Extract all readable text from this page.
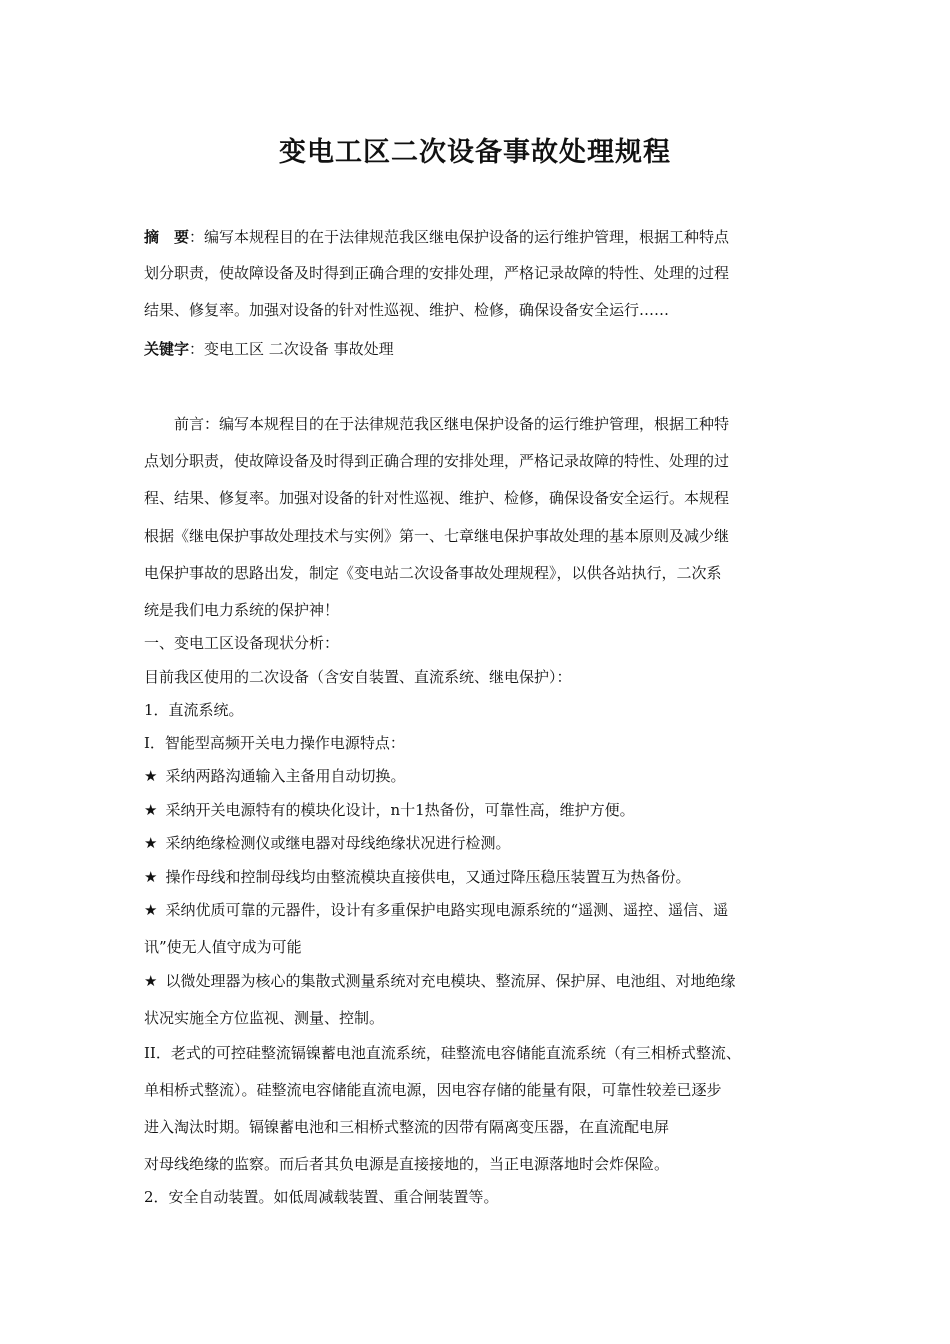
变电工区二次设备事故处理规程
摘　要：编写本规程目的在于法律规范我区继电保护设备的运行维护管理，根据工种特点
划分职责，使故障设备及时得到正确合理的安排处理，严格记录故障的特性、处理的过程
结果、修复率。加强对设备的针对性巡视、维护、检修，确保设备安全运行……
关键字：变电工区 二次设备 事故处理
前言：编写本规程目的在于法律规范我区继电保护设备的运行维护管理，根据工种特
点划分职责，使故障设备及时得到正确合理的安排处理，严格记录故障的特性、处理的过
程、结果、修复率。加强对设备的针对性巡视、维护、检修，确保设备安全运行。本规程
根据《继电保护事故处理技术与实例》第一、七章继电保护事故处理的基本原则及减少继
电保护事故的思路出发，制定《变电站二次设备事故处理规程》，以供各站执行，二次系
统是我们电力系统的保护神！
一、变电工区设备现状分析：
目前我区使用的二次设备（含安自装置、直流系统、继电保护）：
1．直流系统。
I．智能型高频开关电力操作电源特点：
★ 采纳两路沟通输入主备用自动切换。
★ 采纳开关电源特有的模块化设计，n十1热备份，可靠性高，维护方便。
★ 采纳绝缘检测仪或继电器对母线绝缘状况进行检测。
★ 操作母线和控制母线均由整流模块直接供电，又通过降压稳压装置互为热备份。
★ 采纳优质可靠的元器件，设计有多重保护电路实现电源系统的“遥测、遥控、遥信、遥
讯”使无人值守成为可能
★ 以微处理器为核心的集散式测量系统对充电模块、整流屏、保护屏、电池组、对地绝缘
状况实施全方位监视、测量、控制。
II．老式的可控硅整流镉镍蓄电池直流系统，硅整流电容储能直流系统（有三相桥式整流、
单相桥式整流）。硅整流电容储能直流电源，因电容存储的能量有限，可靠性较差已逐步
进入淘汰时期。镉镍蓄电池和三相桥式整流的因带有隔离变压器，在直流配电屏
对母线绝缘的监察。而后者其负电源是直接接地的，当正电源落地时会炸保险。
2．安全自动装置。如低周减载装置、重合闸装置等。
